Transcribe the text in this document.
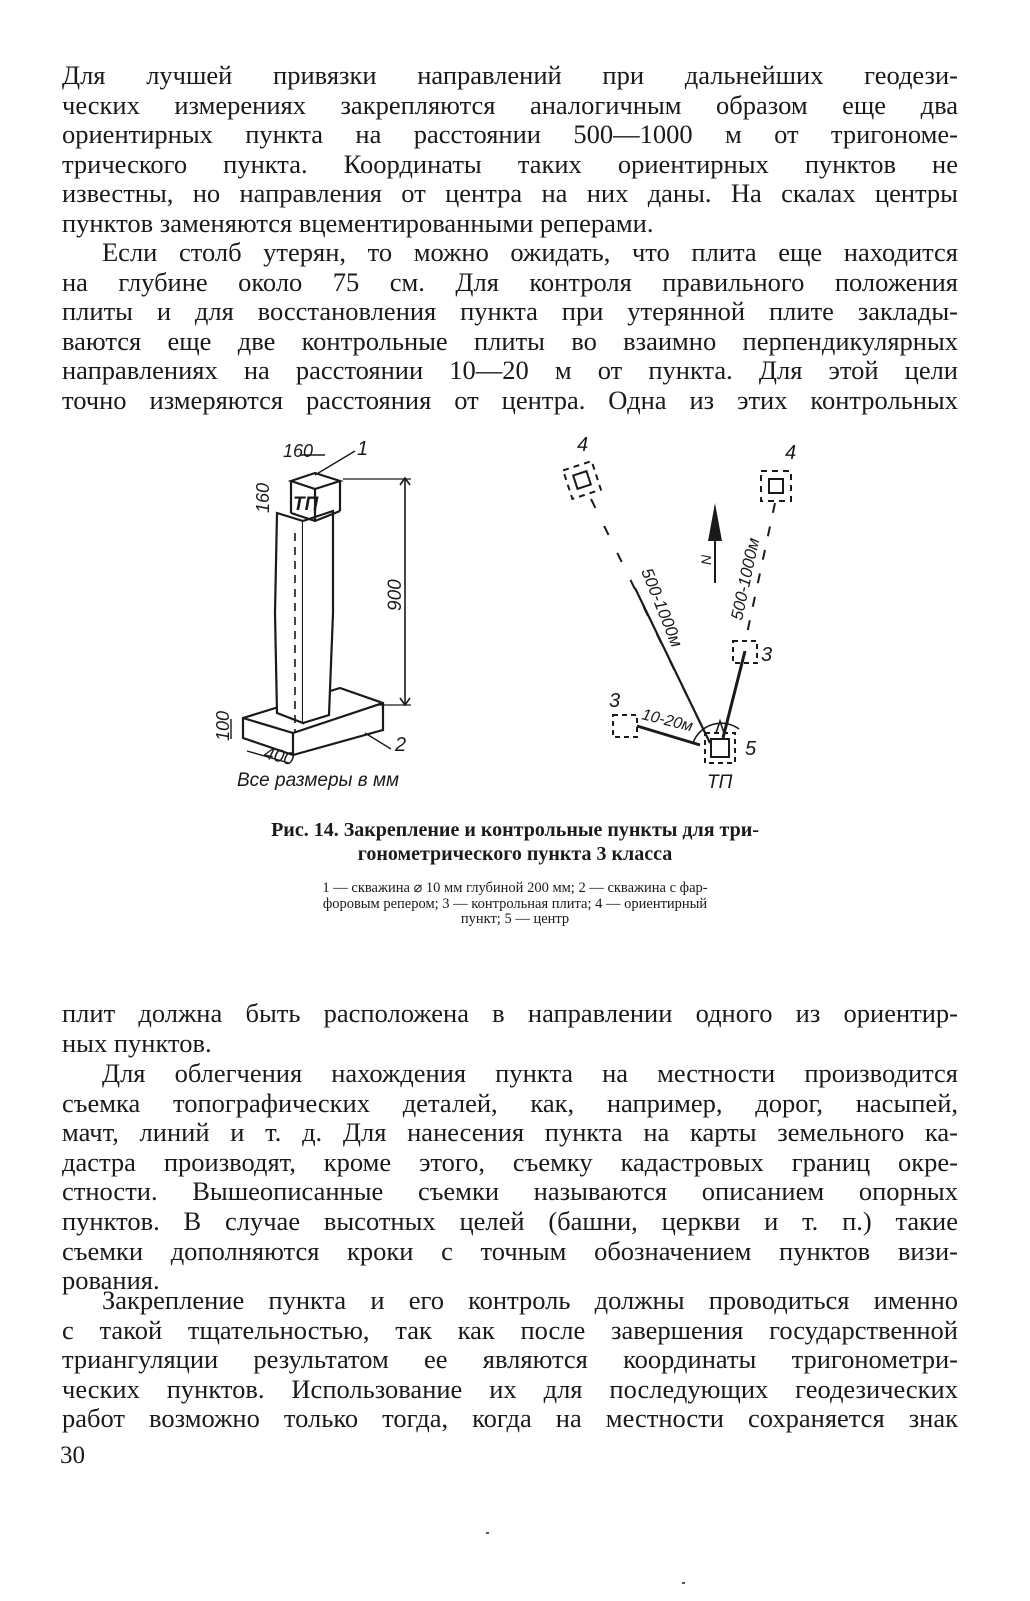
Для лучшей привязки направлений при дальнейших геодези-
ческих измерениях закрепляются аналогичным образом еще два
ориентирных пункта на расстоянии 500—1000 м от тригономе-
трического пункта. Координаты таких ориентирных пунктов не
известны, но направления от центра на них даны. На скалах центры
пунктов заменяются вцементированными реперами.
Если столб утерян, то можно ожидать, что плита еще находится
на глубине около 75 см. Для контроля правильного положения
плиты и для восстановления пункта при утерянной плите заклады-
ваются еще две контрольные плиты во взаимно перпендикулярных
направлениях на расстоянии 10—20 м от пункта. Для этой цели
точно измеряются расстояния от центра. Одна из этих контрольных
160
160
1
ТП
900
100
400	2
Все размеры в мм
4	4
500-1000м 500-1000м
N
3
3
10-20м
5
ТП
Рис. 14. Закрепление и контрольные пункты для три-
гонометрического пункта 3 класса
1 — скважина ⌀ 10 мм глубиной 200 мм; 2 — скважина с фар-
форовым репером; 3 — контрольная плита; 4 — ориентирный
пункт; 5 — центр
плит должна быть расположена в направлении одного из ориентир-
ных пунктов.
Для облегчения нахождения пункта на местности производится
съемка топографических деталей, как, например, дорог, насыпей,
мачт, линий и т. д. Для нанесения пункта на карты земельного ка-
дастра производят, кроме этого, съемку кадастровых границ окре-
стности. Вышеописанные съемки называются описанием опорных
пунктов. В случае высотных целей (башни, церкви и т. п.) такие
съемки дополняются кроки с точным обозначением пунктов визи-
рования.
Закрепление пункта и его контроль должны проводиться именно
с такой тщательностью, так как после завершения государственной
триангуляции результатом ее являются координаты тригонометри-
ческих пунктов. Использование их для последующих геодезических
работ возможно только тогда, когда на местности сохраняется знак
30
